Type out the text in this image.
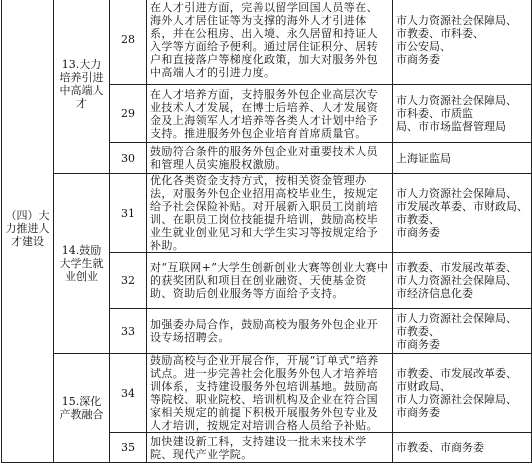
（四）大力推进人才建设	13.大力培养引进中高端人才	28	在人才引进方面，完善以留学回国人员等在、海外人才居住证等为支撑的海外人才引进体系，并在公租房、出入境、永久居留和持证人入学等方面给予便利。通过居住证积分、居转户和直接落户等梯度化政策，加大对服务外包中高端人才的引进力度。	市人力资源社会保障局、
市教委、市科委、
市公安局、
市商务委

		29	在人才培养方面，支持服务外包企业高层次专业技术人才发展，在博士后培养、人才发展资金及上海领军人才培养等各类人才计划中给予支持。推进服务外包企业培育首席质量官。	市人力资源社会保障局、
市科委、市质监
局、市市场监督管理局

		30	鼓励符合条件的服务外包企业对重要技术人员和管理人员实施股权激励。	上海证监局

	14.鼓励大学生就业创业	31	优化各类资金支持方式，按相关资金管理办法，对服务外包企业招用高校毕业生，按规定给予社会保险补贴。对开展新入职员工岗前培训、在职员工岗位技能提升培训，鼓励高校毕业生就业创业见习和大学生实习等按规定给予补助。	市人力资源社会保障局、
市发展改革委、市财政局、
市教委、
市商务委

		32	对“互联网+”大学生创新创业大赛等创业大赛中的获奖团队和项目在创业融资、天使基金资助、资助后创业服务等方面给予支持。	市教委、市发展改革委、
市人力资源社会保障局、
市经济信息化委

		33	加强委办局合作，鼓励高校为服务外包企业开设专场招聘会。	市人力资源社会保障局、
市教委、
市商务委

	15.深化产教融合	34	鼓励高校与企业开展合作，开展“订单式”培养试点。进一步完善社会化服务外包人才培养培训体系，支持建设服务外包培训基地。鼓励高等院校、职业院校、培训机构及企业在符合国家相关规定的前提下积极开展服务外包专业及人才培训，按规定对培训合格人员给予补贴。	市教委、市发展改革委、
市财政局、
市人力资源社会保障局、
市商务委

		35	加快建设新工科，支持建设一批未来技术学院、现代产业学院。	市教委、市商务委
